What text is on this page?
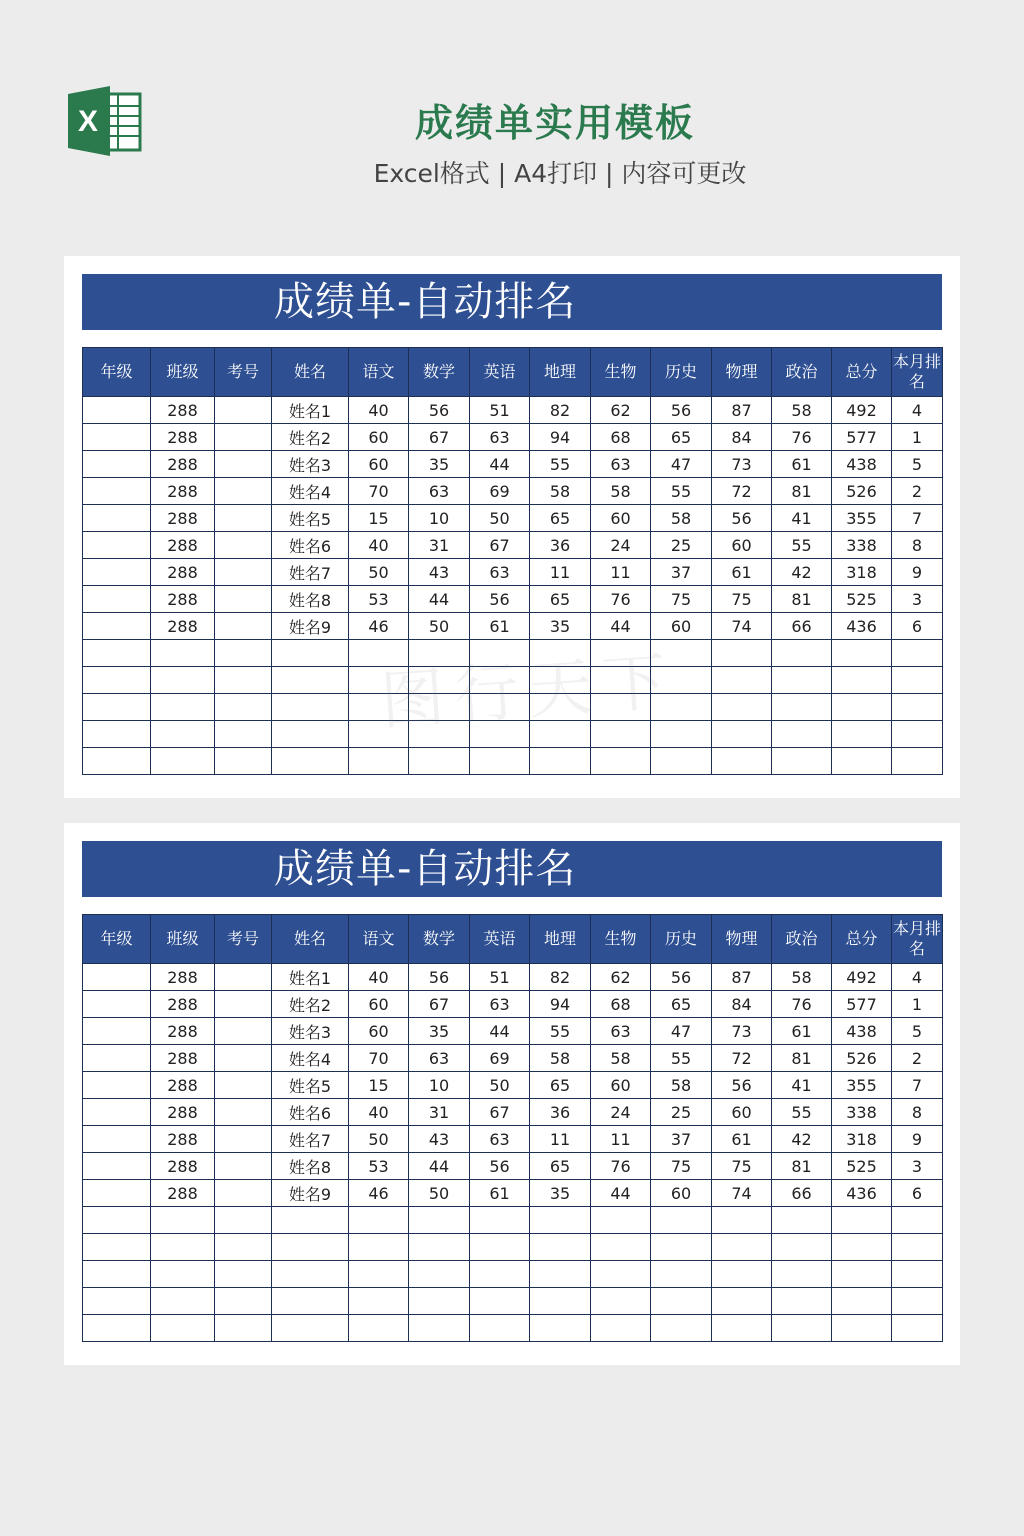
X	成绩单实用模板
Excel格式 | A4打印 | 内容可更改
成绩单-自动排名
年级	班级	考号	姓名	语文	数学	英语	地理	生物	历史	物理	政治	总分	本月排名
	288		姓名1	40	56	51	82	62	56	87	58	492	4
	288		姓名2	60	67	63	94	68	65	84	76	577	1
	288		姓名3	60	35	44	55	63	47	73	61	438	5
	288		姓名4	70	63	69	58	58	55	72	81	526	2
	288		姓名5	15	10	50	65	60	58	56	41	355	7
	288		姓名6	40	31	67	36	24	25	60	55	338	8
	288		姓名7	50	43	63	11	11	37	61	42	318	9
	288		姓名8	53	44	56	65	76	75	75	81	525	3
	288		姓名9	46	50	61	35	44	60	74	66	436	6

成绩单-自动排名
年级	班级	考号	姓名	语文	数学	英语	地理	生物	历史	物理	政治	总分	本月排名
	288		姓名1	40	56	51	82	62	56	87	58	492	4
	288		姓名2	60	67	63	94	68	65	84	76	577	1
	288		姓名3	60	35	44	55	63	47	73	61	438	5
	288		姓名4	70	63	69	58	58	55	72	81	526	2
	288		姓名5	15	10	50	65	60	58	56	41	355	7
	288		姓名6	40	31	67	36	24	25	60	55	338	8
	288		姓名7	50	43	63	11	11	37	61	42	318	9
	288		姓名8	53	44	56	65	76	75	75	81	525	3
	288		姓名9	46	50	61	35	44	60	74	66	436	6

图行天下
